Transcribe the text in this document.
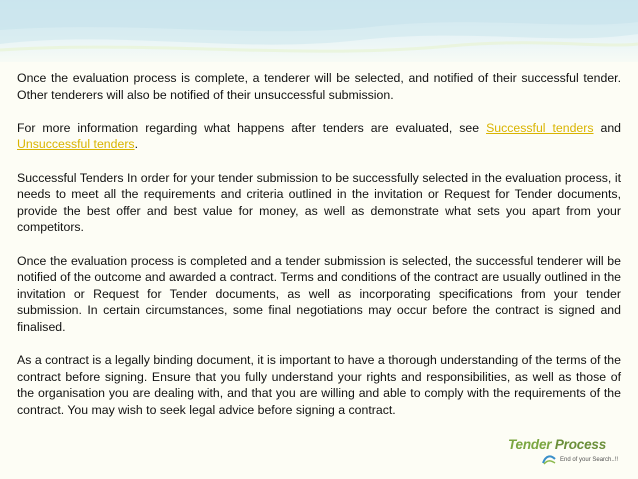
Once the evaluation process is complete, a tenderer will be selected, and notified of their successful tender. Other tenderers will also be notified of their unsuccessful submission.

For more information regarding what happens after tenders are evaluated, see Successful tenders and Unsuccessful tenders.

Successful Tenders In order for your tender submission to be successfully selected in the evaluation process, it needs to meet all the requirements and criteria outlined in the invitation or Request for Tender documents, provide the best offer and best value for money, as well as demonstrate what sets you apart from your competitors.

Once the evaluation process is completed and a tender submission is selected, the successful tenderer will be notified of the outcome and awarded a contract. Terms and conditions of the contract are usually outlined in the invitation or Request for Tender documents, as well as incorporating specifications from your tender submission. In certain circumstances, some final negotiations may occur before the contract is signed and finalised.

As a contract is a legally binding document, it is important to have a thorough understanding of the terms of the contract before signing. Ensure that you fully understand your rights and responsibilities, as well as those of the organisation you are dealing with, and that you are willing and able to comply with the requirements of the contract. You may wish to seek legal advice before signing a contract.

Tender Process
End of your Search..!!
